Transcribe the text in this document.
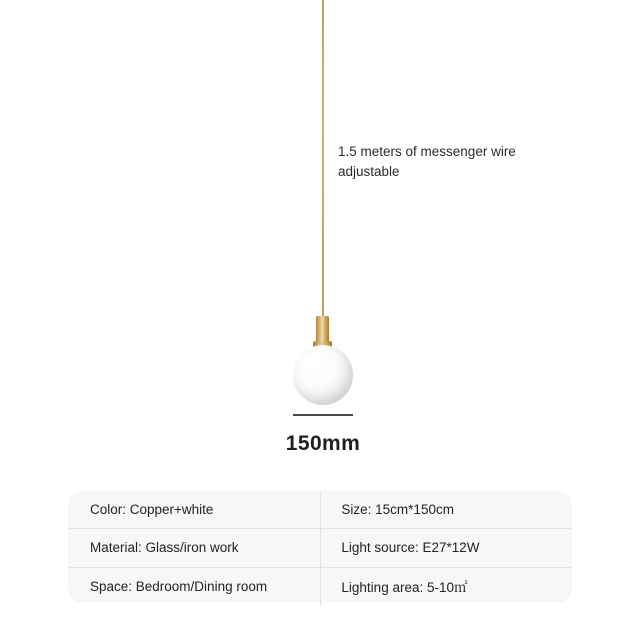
150mm
1.5 meters of messenger wire adjustable
Color: Copper+white	Size: 15cm*150cm
Material: Glass/iron work	Light source: E27*12W
Space: Bedroom/Dining room	Lighting area: 5-10㎡
